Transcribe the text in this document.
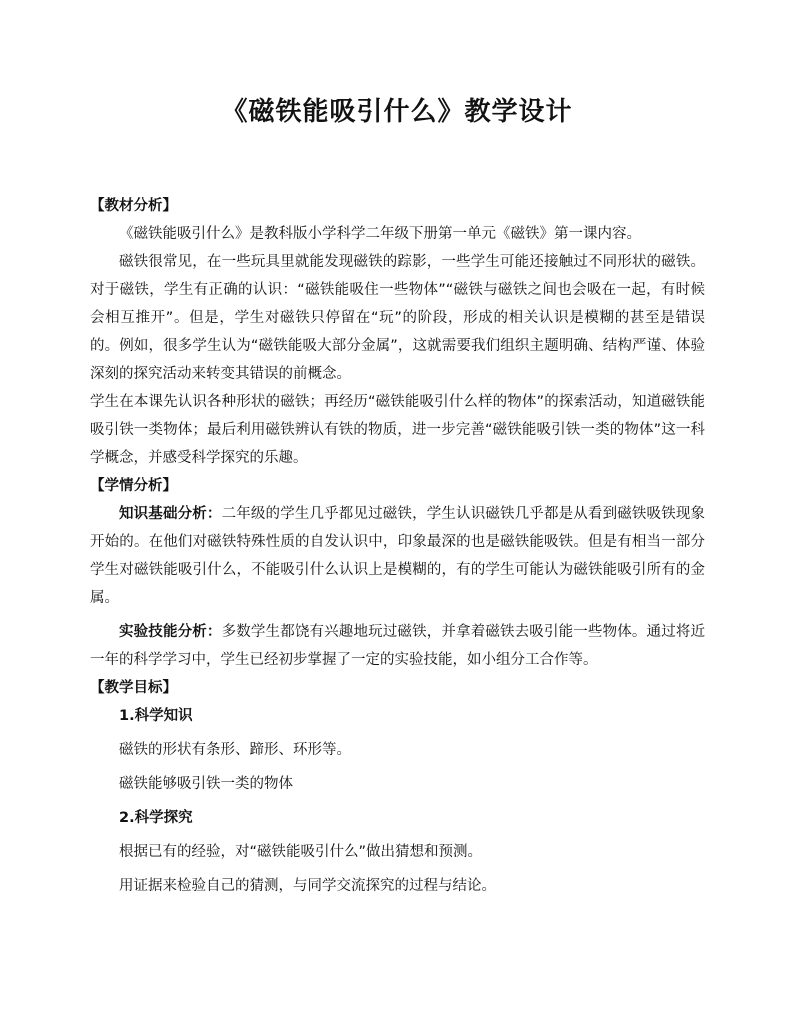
《磁铁能吸引什么》教学设计

【教材分析】

《磁铁能吸引什么》是教科版小学科学二年级下册第一单元《磁铁》第一课内容。

磁铁很常见，在一些玩具里就能发现磁铁的踪影，一些学生可能还接触过不同形状的磁铁。对于磁铁，学生有正确的认识：“磁铁能吸住一些物体”“磁铁与磁铁之间也会吸在一起，有时候会相互推开”。但是，学生对磁铁只停留在“玩”的阶段，形成的相关认识是模糊的甚至是错误的。例如，很多学生认为“磁铁能吸大部分金属”，这就需要我们组织主题明确、结构严谨、体验深刻的探究活动来转变其错误的前概念。

学生在本课先认识各种形状的磁铁；再经历“磁铁能吸引什么样的物体”的探索活动，知道磁铁能吸引铁一类物体；最后利用磁铁辨认有铁的物质，进一步完善“磁铁能吸引铁一类的物体”这一科学概念，并感受科学探究的乐趣。

【学情分析】

知识基础分析：二年级的学生几乎都见过磁铁，学生认识磁铁几乎都是从看到磁铁吸铁现象开始的。在他们对磁铁特殊性质的自发认识中，印象最深的也是磁铁能吸铁。但是有相当一部分学生对磁铁能吸引什么，不能吸引什么认识上是模糊的，有的学生可能认为磁铁能吸引所有的金属。

实验技能分析：多数学生都饶有兴趣地玩过磁铁，并拿着磁铁去吸引能一些物体。通过将近一年的科学学习中，学生已经初步掌握了一定的实验技能，如小组分工合作等。

【教学目标】

1.科学知识

磁铁的形状有条形、蹄形、环形等。

磁铁能够吸引铁一类的物体

2.科学探究

根据已有的经验，对“磁铁能吸引什么”做出猜想和预测。

用证据来检验自己的猜测，与同学交流探究的过程与结论。
